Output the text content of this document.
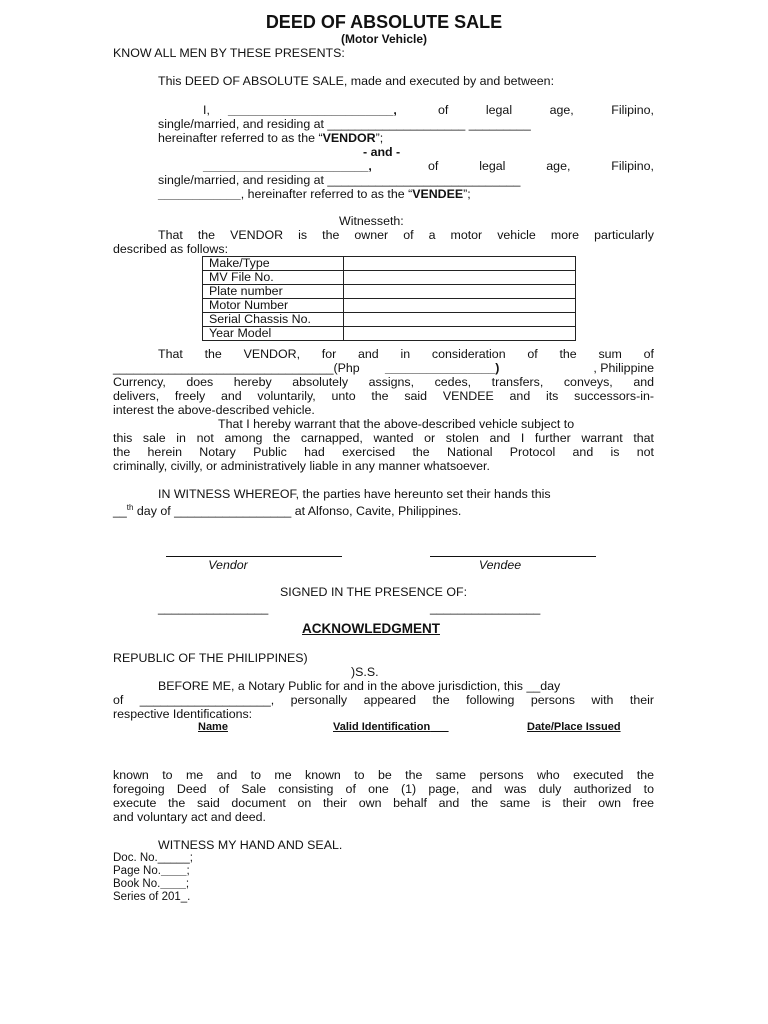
DEED OF ABSOLUTE SALE
(Motor Vehicle)
KNOW ALL MEN BY THESE PRESENTS:
This DEED OF ABSOLUTE SALE, made and executed by and between:
I, ________________________,	of legal age, Filipino,
single/married, and residing at ____________________ _________
hereinafter referred to as the “VENDOR”;
- and -
________________________,	of legal age, Filipino,
single/married, and residing at ____________________________
____________, hereinafter referred to as the “VENDEE”;
Witnesseth:
That the VENDOR is the owner of a motor vehicle more particularly
described as follows:
Make/Type	
MV File No.	
Plate number	
Motor Number	
Serial Chassis No.	
Year Model	
That the VENDOR, for and in consideration of the sum of
________________________________(Php ________________)	, Philippine
Currency, does hereby absolutely assigns, cedes, transfers, conveys, and
delivers, freely and voluntarily, unto the said VENDEE and its successors-in-
interest the above-described vehicle.
That I hereby warrant that the above-described vehicle subject to
this sale in not among the carnapped, wanted or stolen and I further warrant that
the herein Notary Public had exercised the National Protocol and is not
criminally, civilly, or administratively liable in any manner whatsoever.
IN WITNESS WHEREOF, the parties have hereunto set their hands this
__$^{th}$ day of _________________ at Alfonso, Cavite, Philippines.
Vendor	Vendee
SIGNED IN THE PRESENCE OF:
________________	________________
ACKNOWLEDGMENT
REPUBLIC OF THE PHILIPPINES)
)S.S.
BEFORE ME, a Notary Public for and in the above jurisdiction, this __day
of ___________________, personally appeared the following persons with their
respective Identifications:
Name	Valid Identification___	Date/Place Issued
known to me and to me known to be the same persons who executed the
foregoing Deed of Sale consisting of one (1) page, and was duly authorized to
execute the said document on their own behalf and the same is their own free
and voluntary act and deed.
WITNESS MY HAND AND SEAL.
Doc. No._____;
Page No.____;
Book No.____;
Series of 201_.
